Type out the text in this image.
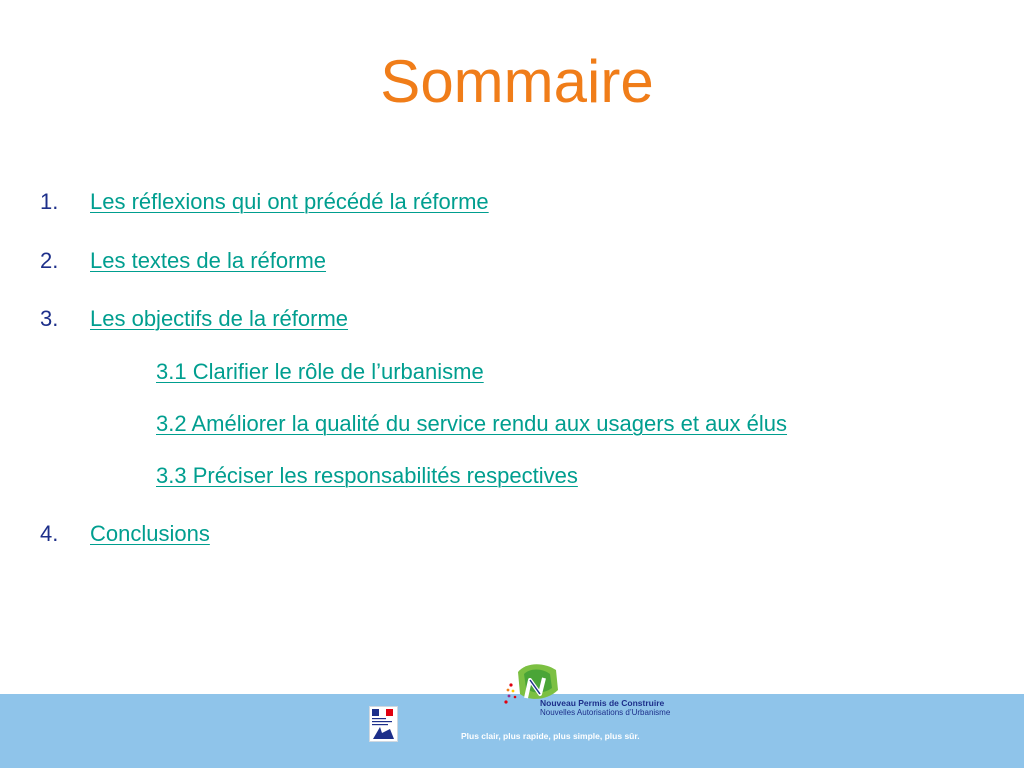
Sommaire
1. Les réflexions qui ont précédé la réforme
2. Les textes de la réforme
3. Les objectifs de la réforme
3.1 Clarifier le rôle de l’urbanisme
3.2 Améliorer la qualité du service rendu aux usagers et aux élus
3.3 Préciser les responsabilités respectives
4. Conclusions
Nouveau Permis de Construire
Nouvelles Autorisations d’Urbanisme
Plus clair, plus rapide, plus simple, plus sûr.
